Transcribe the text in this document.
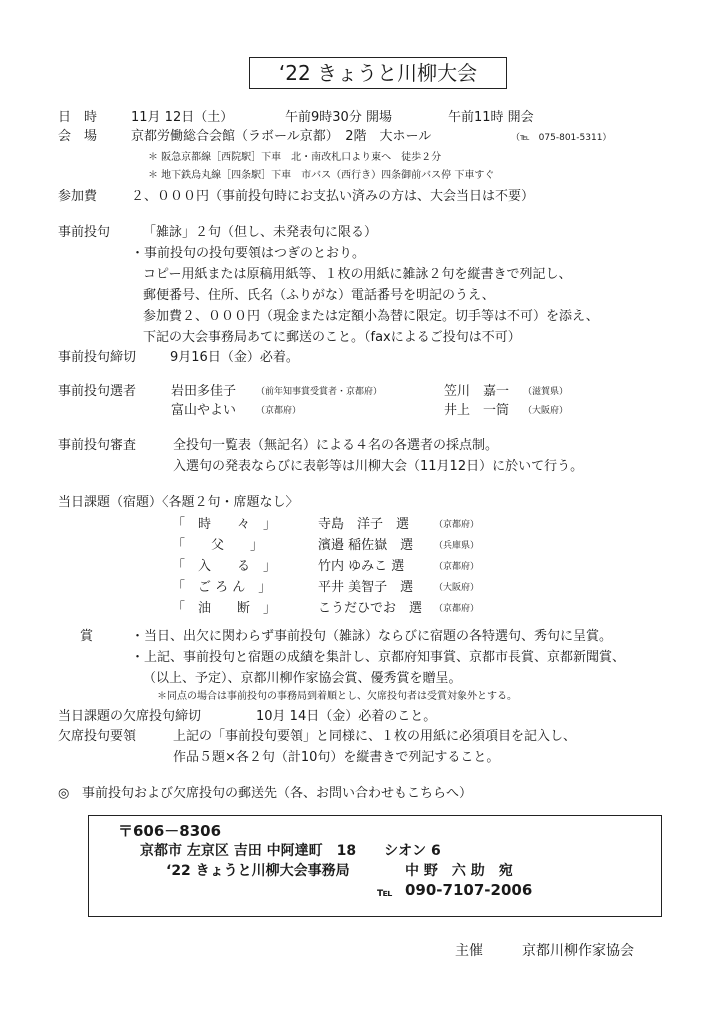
‘22 きょうと川柳大会
日　時	11月 12日（土）	午前9時30分 開場	午前11時 開会
会　場	京都労働総合会館（ラボール京都）　2階　大ホール	（℡　075-801-5311）
＊ 阪急京都線［西院駅］下車　北・南改札口より東へ　徒歩２分
＊ 地下鉄烏丸線［四条駅］下車　市バス（西行き）四条御前バス停 下車すぐ
参加費	２、０００円（事前投句時にお支払い済みの方は、大会当日は不要）
事前投句	「雑詠」２句（但し、未発表句に限る）
・事前投句の投句要領はつぎのとおり。
コピー用紙または原稿用紙等、１枚の用紙に雑詠２句を縦書きで列記し、
郵便番号、住所、氏名（ふりがな）電話番号を明記のうえ、
参加費２、０００円（現金または定額小為替に限定。切手等は不可）を添え、
下記の大会事務局あてに郵送のこと。（faxによるご投句は不可）
事前投句締切	9月16日（金）必着。
事前投句選者	岩田多佳子 （前年知事賞受賞者・京都府）	笠川　嘉一 （滋賀県）
富山やよい （京都府）	井上　一筒 （大阪府）
事前投句審査	全投句一覧表（無記名）による４名の各選者の採点制。
入選句の発表ならびに表彰等は川柳大会（11月12日）に於いて行う。
当日課題（宿題）〈各題２句・席題なし〉
「　時　　々　」	寺島　洋子　選	（京都府）
「　　父　　」	濱邉 稲佐嶽　選 （兵庫県）
「　入　　る　」	竹内 ゆみこ 選	（京都府）
「　ご ろ ん　」	平井 美智子　選 （大阪府）
「　油　　断　」	こうだひでお　選 （京都府）
賞	・当日、出欠に関わらず事前投句（雑詠）ならびに宿題の各特選句、秀句に呈賞。
・上記、事前投句と宿題の成績を集計し、京都府知事賞、京都市長賞、京都新聞賞、
（以上、予定）、京都川柳作家協会賞、優秀賞を贈呈。
＊同点の場合は事前投句の事務局到着順とし、欠席投句者は受賞対象外とする。
当日課題の欠席投句締切	10月 14日（金）必着のこと。
欠席投句要領	上記の「事前投句要領」と同様に、１枚の用紙に必須項目を記入し、
作品５題×各２句（計10句）を縦書きで列記すること。
◎ 事前投句および欠席投句の郵送先（各、お問い合わせもこちらへ）
〒606－8306
京都市 左京区 吉田 中阿達町　18　　シオン 6
‘22 きょうと川柳大会事務局	中 野　六 助　宛
℡ 090-7107-2006
主催	京都川柳作家協会
